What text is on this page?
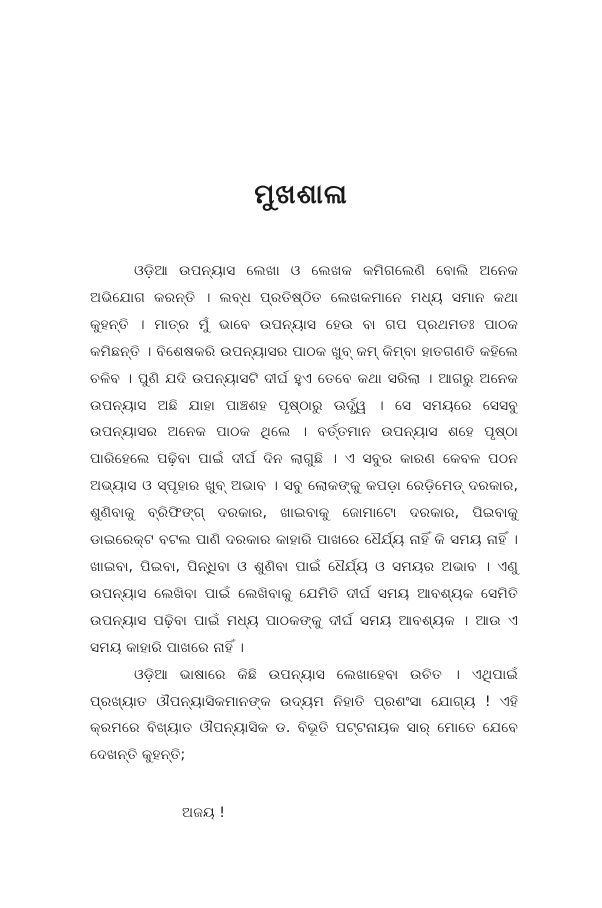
ମୁଖଶାଳା

ଓଡ଼ିଆ ଉପନ୍ୟାସ ଲେଖା ଓ ଲେଖକ କମିଗଲେଣି ବୋଲି ଅନେକ ଅଭିଯୋଗ କରନ୍ତି । ଲବ୍ଧ ପ୍ରତିଷ୍ଠିତ ଲେଖକମାନେ ମଧ୍ୟ ସମାନ କଥା କୁହନ୍ତି । ମାତ୍ର ମୁଁ ଭାବେ ଉପନ୍ୟାସ ହେଉ ବା ଗପ ପ୍ରଥମତଃ ପାଠକ କମିଛନ୍ତି । ବିଶେଷକରି ଉପନ୍ୟାସର ପାଠକ ଖୁବ୍ କମ୍ କିମ୍ବା ହାତଗଣତି କହିଲେ ଚଳିବ । ପୁଣି ଯଦି ଉପନ୍ୟାସଟି ଦୀର୍ଘ ହୁଏ ତେବେ କଥା ସରିଲା । ଆଗରୁ ଅନେକ ଉପନ୍ୟାସ ଅଛି ଯାହା ପାଞ୍ଚଶହ ପୃଷ୍ଠାରୁ ଊର୍ଦ୍ଧ୍ୱ । ସେ ସମୟରେ ସେସବୁ ଉପନ୍ୟାସର ଅନେକ ପାଠକ ଥିଲେ । ବର୍ତ୍ତମାନ ଉପନ୍ୟାସ ଶହେ ପୃଷ୍ଠା ପାରିହେଲେ ପଢ଼ିବା ପାଇଁ ଦୀର୍ଘ ଦିନ ଲାଗୁଛି । ଏ ସବୁର କାରଣ କେବଳ ପଠନ ଅଭ୍ୟାସ ଓ ସ୍ପୃହାର ଖୁବ୍ ଅଭାବ । ସବୁ ଲୋକଙ୍କୁ କପଡ଼ା ରେଡ଼ିମେଡ୍ ଦରକାର, ଶୁଣିବାକୁ ବ୍ରିଫିଙ୍ଗ୍ ଦରକାର, ଖାଇବାକୁ ଜୋମାଟୋ ଦରକାର, ପିଇବାକୁ ଡାଇରେକ୍ଟ ବଟଲ ପାଣି ଦରକାର କାହାରି ପାଖରେ ଧୈର୍ଯ୍ୟ ନାହିଁ କି ସମୟ ନାହିଁ । ଖାଇବା, ପିଇବା, ପିନ୍ଧିବା ଓ ଶୁଣିବା ପାଇଁ ଧୈର୍ଯ୍ୟ ଓ ସମୟର ଅଭାବ । ଏଣୁ ଉପନ୍ୟାସ ଲେଖିବା ପାଇଁ ଲେଖିବାକୁ ଯେମିତି ଦୀର୍ଘ ସମୟ ଆବଶ୍ୟକ ସେମିତି ଉପନ୍ୟାସ ପଢ଼ିବା ପାଇଁ ମଧ୍ୟ ପାଠକଙ୍କୁ ଦୀର୍ଘ ସମୟ ଆବଶ୍ୟକ । ଆଉ ଏ ସମୟ କାହାରି ପାଖରେ ନାହିଁ ।

ଓଡ଼ିଆ ଭାଷାରେ କିଛି ଉପନ୍ୟାସ ଲେଖାହେବା ଉଚିତ । ଏଥିପାଇଁ ପ୍ରଖ୍ୟାତ ଔପନ୍ୟାସିକମାନଙ୍କ ଉଦ୍ୟମ ନିହାତି ପ୍ରଶଂସା ଯୋଗ୍ୟ ! ଏହି କ୍ରମରେ ବିଖ୍ୟାତ ଔପନ୍ୟାସିକ ଡ. ବିଭୂତି ପଟ୍ଟନାୟକ ସାର୍ ମୋତେ ଯେବେ ଦେଖନ୍ତି କୁହନ୍ତି;

ଅଜୟ !
